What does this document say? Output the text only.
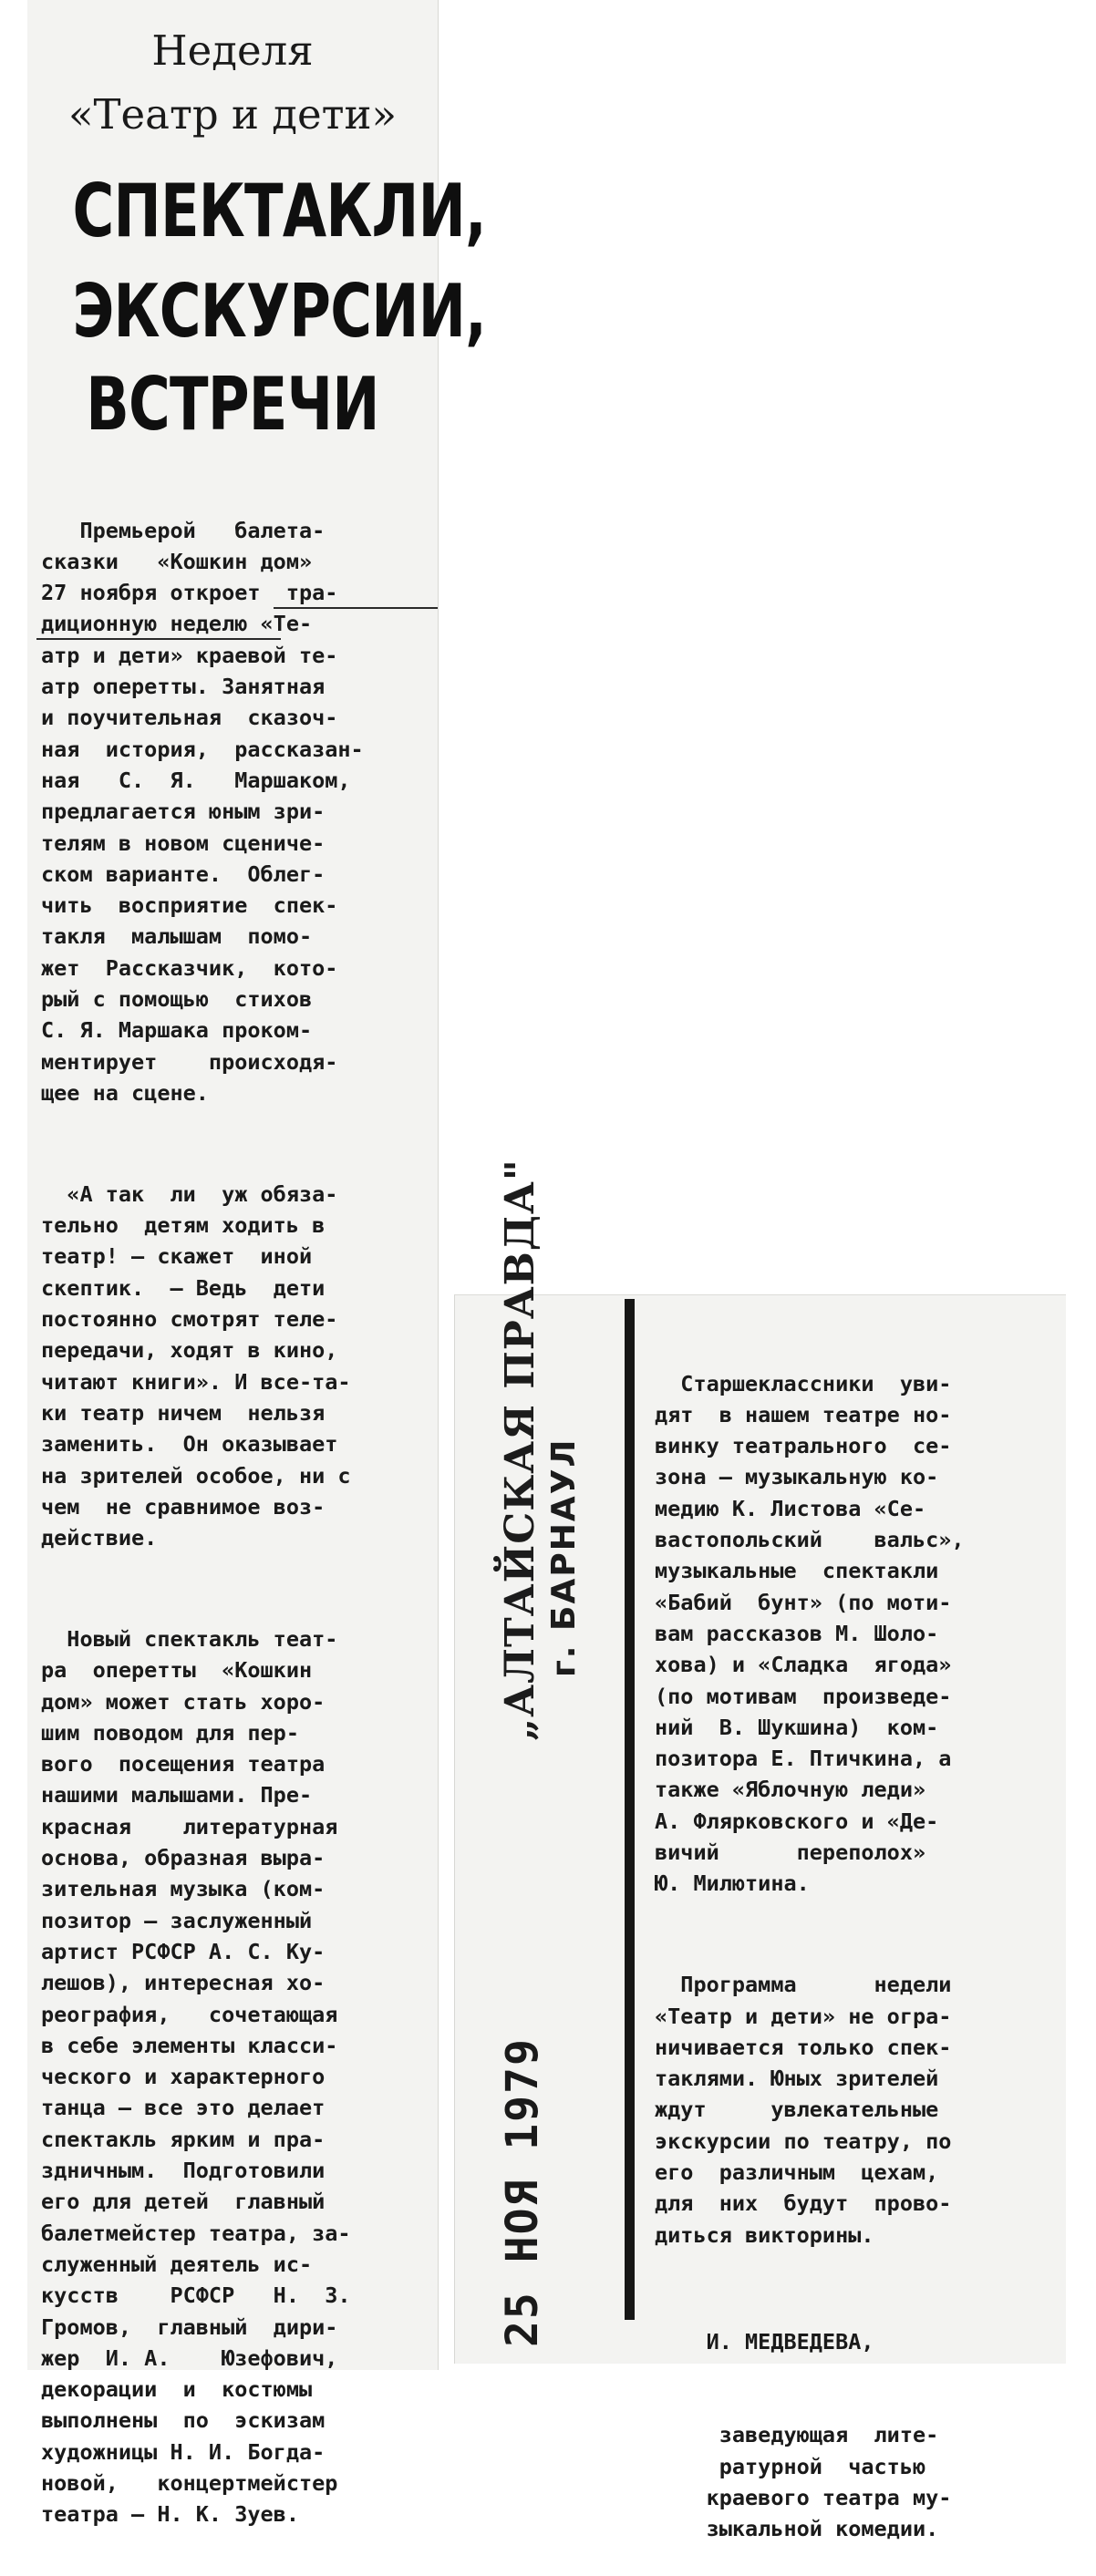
Неделя
«Театр и дети»
СПЕКТАКЛИ,
ЭКСКУРСИИ,
ВСТРЕЧИ

Премьерой   балета-
сказки   «Кошкин дом»
27 ноября откроет  тра-
диционную неделю «Те-
атр и дети» краевой те-
атр оперетты. Занятная
и поучительная  сказоч-
ная  история,  рассказан-
ная   С.  Я.   Маршаком,
предлагается юным зри-
телям в новом сцениче-
ском варианте.  Облег-
чить  восприятие  спек-
такля  малышам  помо-
жет  Рассказчик,  кото-
рый с помощью  стихов
С. Я. Маршака проком-
ментирует    происходя-
щее на сцене.

«А так  ли  уж обяза-
тельно  детям ходить в
театр! — скажет  иной
скептик.  — Ведь  дети
постоянно смотрят теле-
передачи, ходят в кино,
читают книги». И все-та-
ки театр ничем  нельзя
заменить.  Он оказывает
на зрителей особое, ни с
чем  не сравнимое воз-
действие.

Новый спектакль теат-
ра  оперетты  «Кошкин
дом» может стать хоро-
шим поводом для пер-
вого  посещения театра
нашими малышами. Пре-
красная    литературная
основа, образная выра-
зительная музыка (ком-
позитор — заслуженный
артист РСФСР А. С. Ку-
лешов), интересная хо-
реография,   сочетающая
в себе элементы класси-
ческого и характерного
танца — все это делает
спектакль ярким и пра-
здничным.  Подготовили
его для детей  главный
балетмейстер театра, за-
служенный деятель ис-
кусств    РСФСР   Н.  З.
Громов,  главный  дири-
жер  И. А.    Юзефович,
декорации  и  костюмы
выполнены  по  эскизам
художницы Н. И. Богда-
новой,   концертмейстер
театра — Н. К. Зуев.

„АЛТАЙСКАЯ ПРАВДА" г. БАРНАУЛ
25 НОЯ 1979

Старшеклассники  уви-
дят  в нашем театре но-
винку театрального  се-
зона — музыкальную ко-
медию К. Листова «Се-
вастопольский    вальс»,
музыкальные  спектакли
«Бабий  бунт» (по моти-
вам рассказов М. Шоло-
хова) и «Сладка  ягода»
(по мотивам  произведе-
ний  В. Шукшина)  ком-
позитора Е. Птичкина, а
также «Яблочную леди»
А. Флярковского и «Де-
вичий      переполох»
Ю. Милютина.

Программа      недели
«Театр и дети» не огра-
ничивается только спек-
таклями. Юных зрителей
ждут     увлекательные
экскурсии по театру, по
его  различным  цехам,
для  них  будут  прово-
диться викторины.

И. МЕДВЕДЕВА,

заведующая  лите-
ратурной  частью
краевого театра му-
зыкальной комедии.
